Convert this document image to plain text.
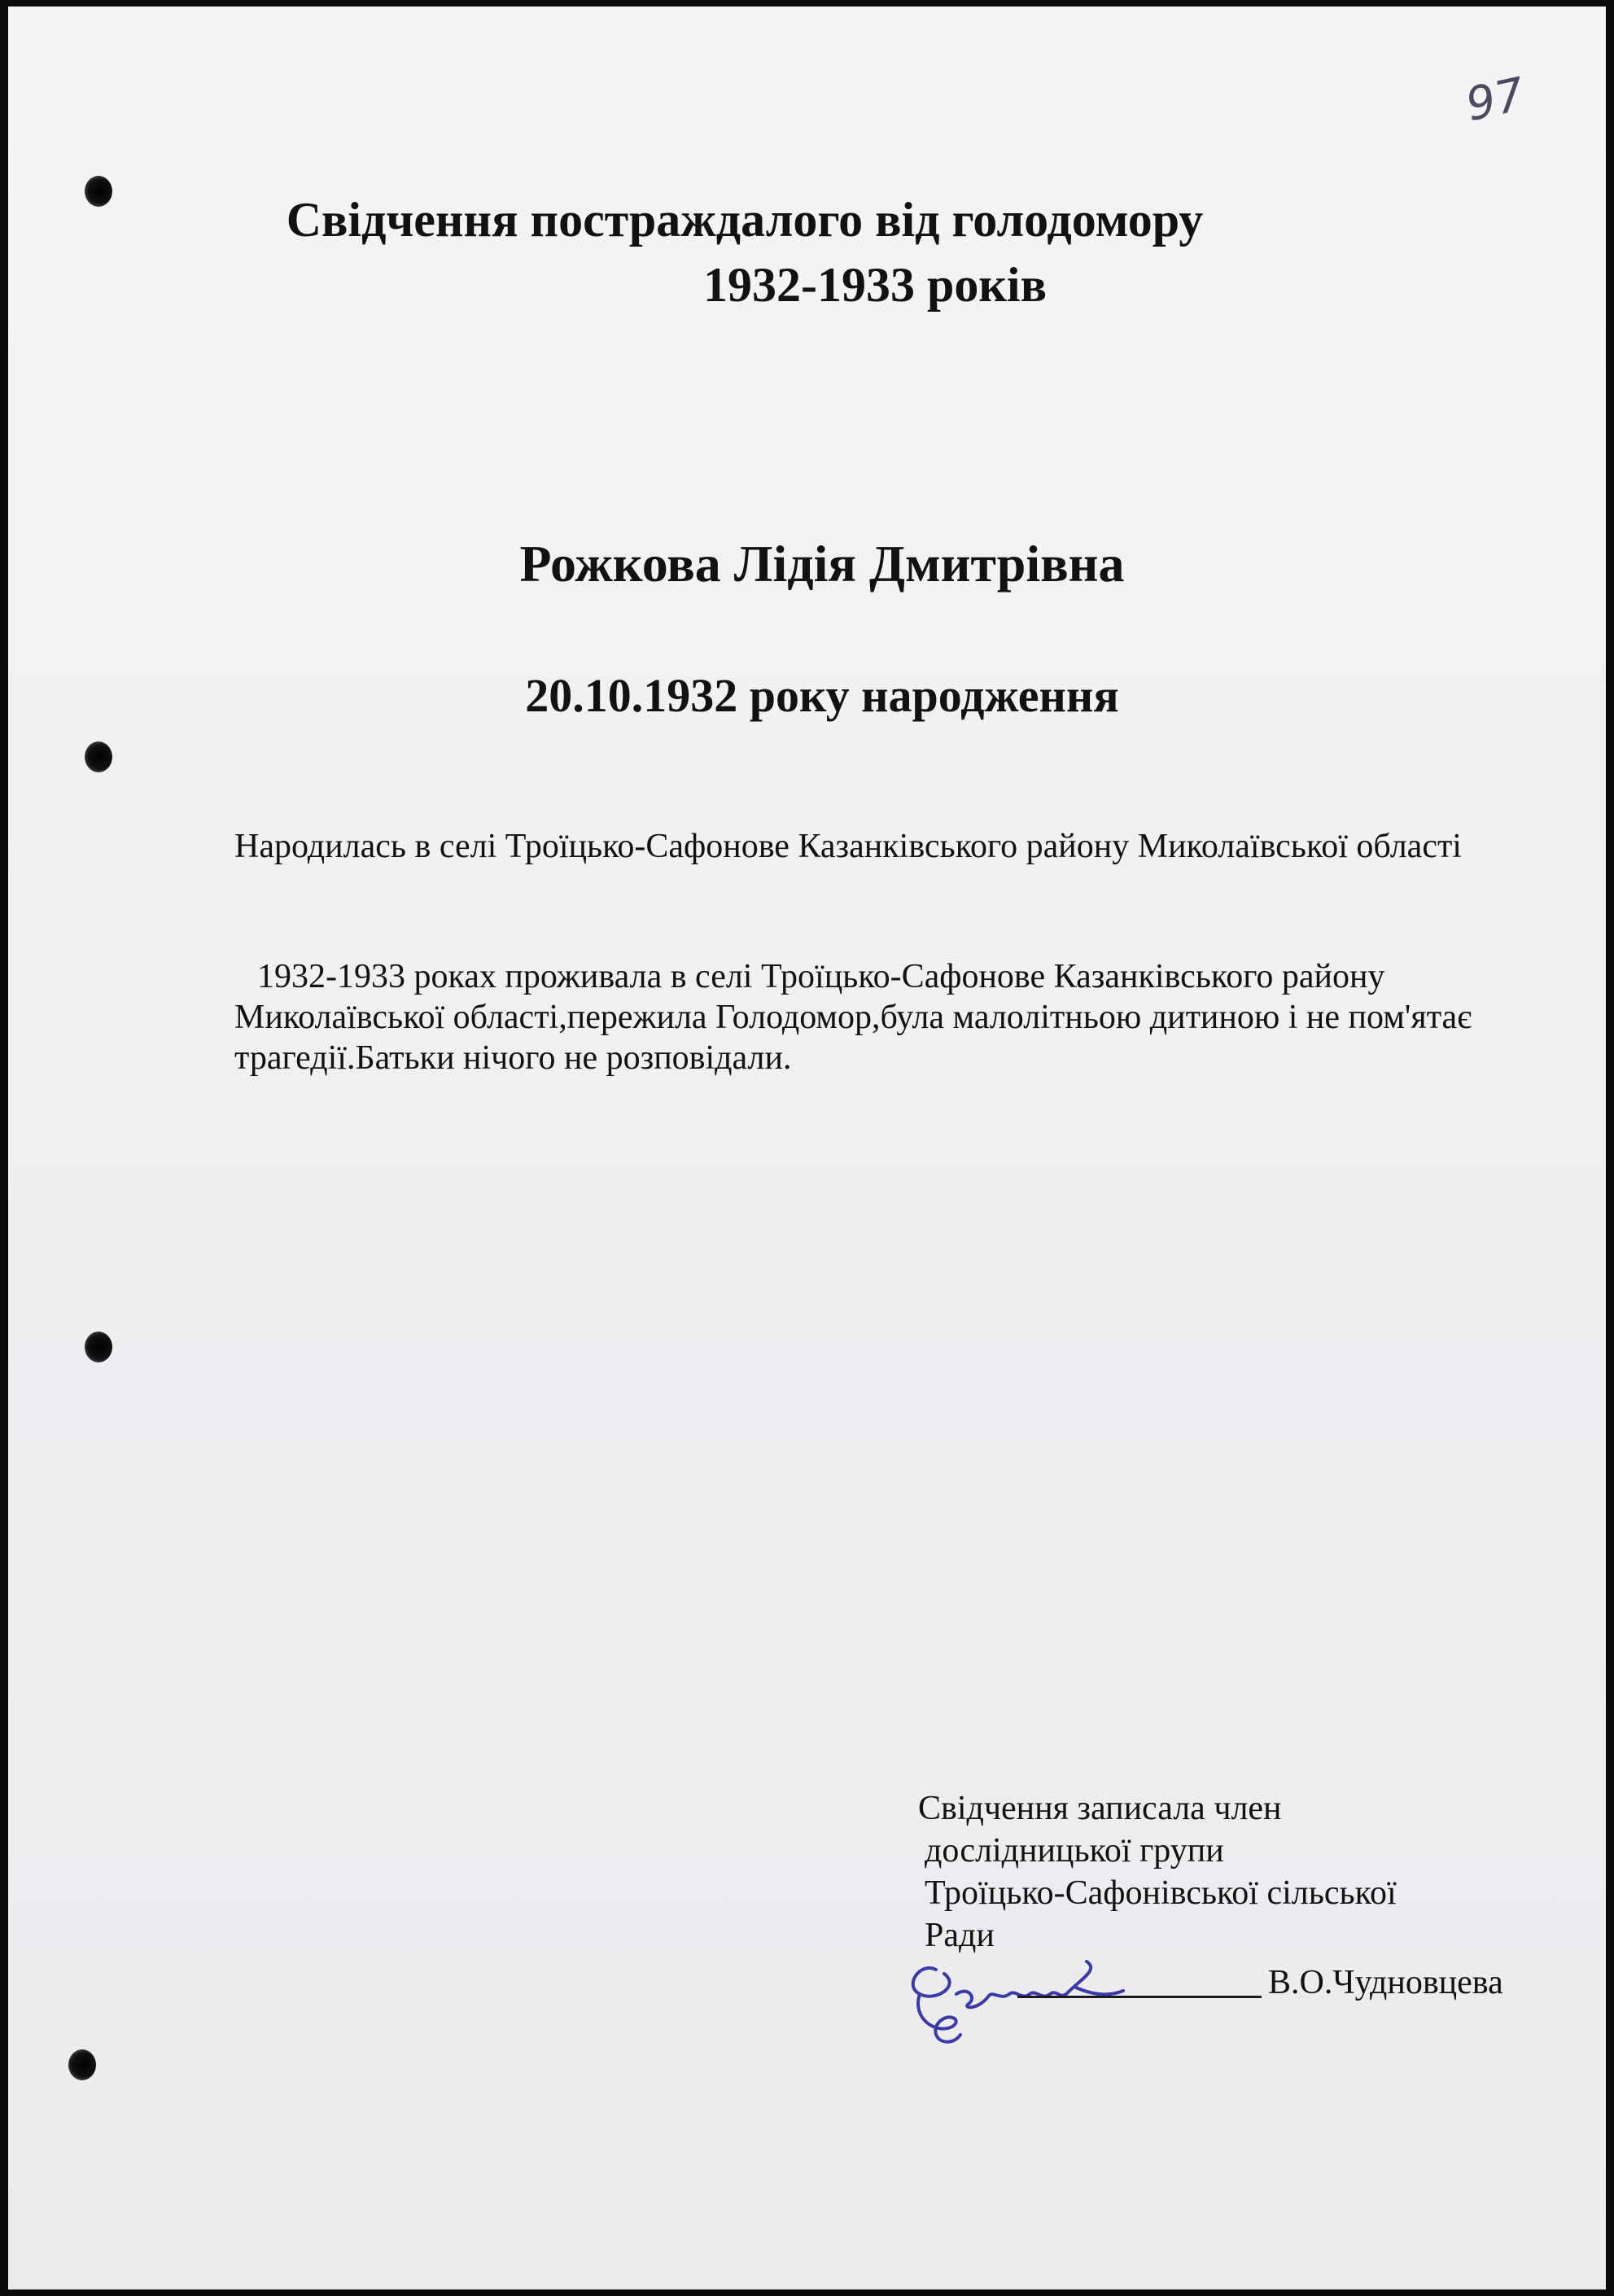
97
Свідчення постраждалого від голодомору
1932-1933 років
Рожкова Лідія Дмитрівна
20.10.1932 року народження

Народилась в селі Троїцько-Сафонове Казанківського району Миколаївської області

1932-1933 роках проживала в селі Троїцько-Сафонове Казанківського району Миколаївської області,пережила Голодомор,була малолітньою дитиною і не пом'ятає трагедії.Батьки нічого не розповідали.

Свідчення записала член
дослідницької групи
Троїцько-Сафонівської сільської
Ради
В.О.Чудновцева
